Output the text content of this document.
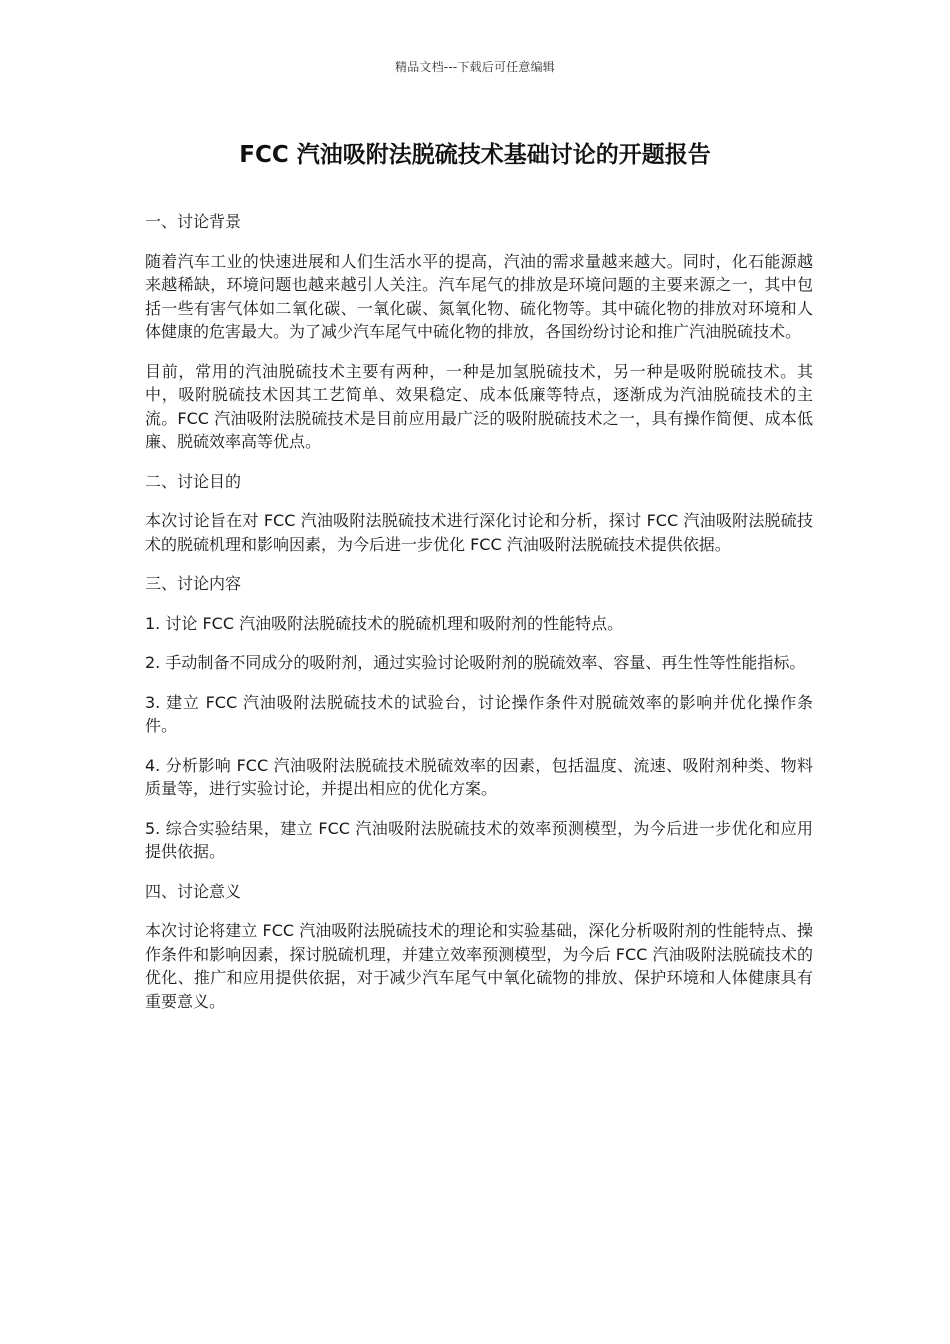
精品文档---下载后可任意编辑
FCC 汽油吸附法脱硫技术基础讨论的开题报告

一、讨论背景

随着汽车工业的快速进展和人们生活水平的提高，汽油的需求量越来越大。同时，化石能源越来越稀缺，环境问题也越来越引人关注。汽车尾气的排放是环境问题的主要来源之一，其中包括一些有害气体如二氧化碳、一氧化碳、氮氧化物、硫化物等。其中硫化物的排放对环境和人体健康的危害最大。为了减少汽车尾气中硫化物的排放，各国纷纷讨论和推广汽油脱硫技术。

目前，常用的汽油脱硫技术主要有两种，一种是加氢脱硫技术，另一种是吸附脱硫技术。其中，吸附脱硫技术因其工艺简单、效果稳定、成本低廉等特点，逐渐成为汽油脱硫技术的主流。FCC 汽油吸附法脱硫技术是目前应用最广泛的吸附脱硫技术之一，具有操作简便、成本低廉、脱硫效率高等优点。

二、讨论目的

本次讨论旨在对 FCC 汽油吸附法脱硫技术进行深化讨论和分析，探讨 FCC 汽油吸附法脱硫技术的脱硫机理和影响因素，为今后进一步优化 FCC 汽油吸附法脱硫技术提供依据。

三、讨论内容

1. 讨论 FCC 汽油吸附法脱硫技术的脱硫机理和吸附剂的性能特点。

2. 手动制备不同成分的吸附剂，通过实验讨论吸附剂的脱硫效率、容量、再生性等性能指标。

3. 建立 FCC 汽油吸附法脱硫技术的试验台，讨论操作条件对脱硫效率的影响并优化操作条件。

4. 分析影响 FCC 汽油吸附法脱硫技术脱硫效率的因素，包括温度、流速、吸附剂种类、物料质量等，进行实验讨论，并提出相应的优化方案。

5. 综合实验结果，建立 FCC 汽油吸附法脱硫技术的效率预测模型，为今后进一步优化和应用提供依据。

四、讨论意义

本次讨论将建立 FCC 汽油吸附法脱硫技术的理论和实验基础，深化分析吸附剂的性能特点、操作条件和影响因素，探讨脱硫机理，并建立效率预测模型，为今后 FCC 汽油吸附法脱硫技术的优化、推广和应用提供依据，对于减少汽车尾气中氧化硫物的排放、保护环境和人体健康具有重要意义。
